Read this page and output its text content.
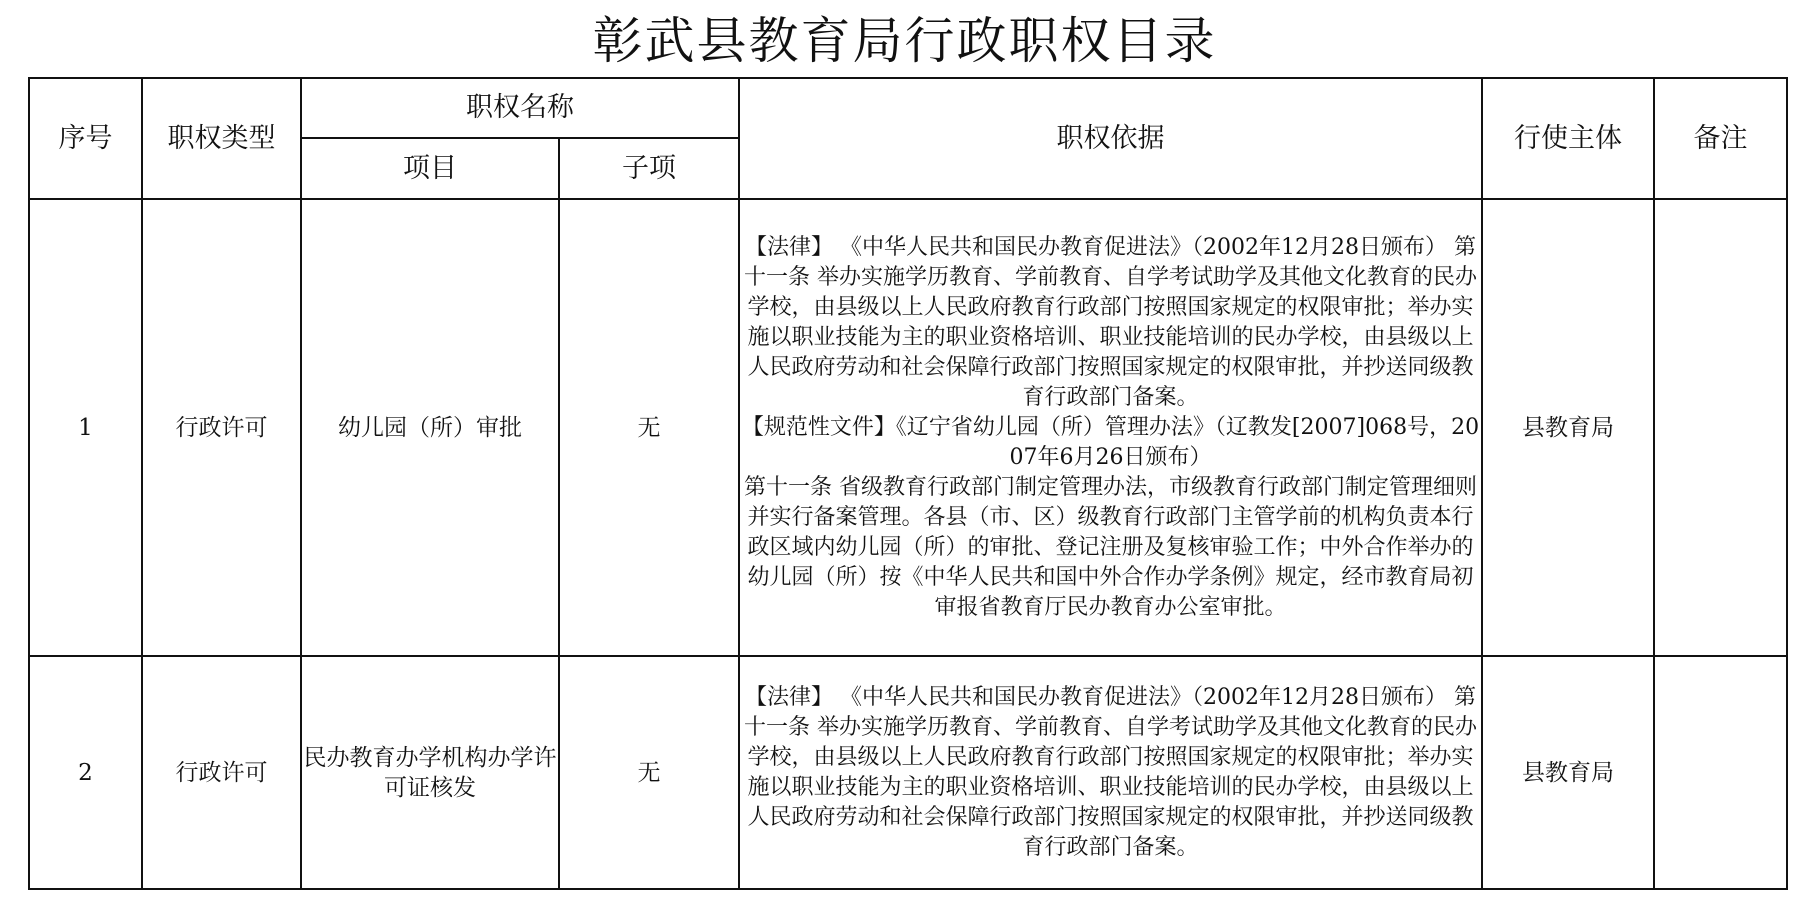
彰武县教育局行政职权目录
序号	职权类型	职权名称		职权依据	行使主体	备注
		项目	子项			
1	行政许可	幼儿园（所）审批	无	【法律】 《中华人民共和国民办教育促进法》（2002年12月28日颁布） 第十一条 举办实施学历教育、学前教育、自学考试助学及其他文化教育的民办学校，由县级以上人民政府教育行政部门按照国家规定的权限审批；举办实施以职业技能为主的职业资格培训、职业技能培训的民办学校，由县级以上人民政府劳动和社会保障行政部门按照国家规定的权限审批，并抄送同级教育行政部门备案。
【规范性文件】《辽宁省幼儿园（所）管理办法》（辽教发[2007]068号，2007年6月26日颁布）
第十一条 省级教育行政部门制定管理办法，市级教育行政部门制定管理细则并实行备案管理。各县（市、区）级教育行政部门主管学前的机构负责本行政区域内幼儿园（所）的审批、登记注册及复核审验工作；中外合作举办的幼儿园（所）按《中华人民共和国中外合作办学条例》规定，经市教育局初审报省教育厅民办教育办公室审批。	县教育局	
2	行政许可	民办教育办学机构办学许可证核发	无	【法律】 《中华人民共和国民办教育促进法》（2002年12月28日颁布） 第十一条 举办实施学历教育、学前教育、自学考试助学及其他文化教育的民办学校，由县级以上人民政府教育行政部门按照国家规定的权限审批；举办实施以职业技能为主的职业资格培训、职业技能培训的民办学校，由县级以上人民政府劳动和社会保障行政部门按照国家规定的权限审批，并抄送同级教育行政部门备案。	县教育局	
